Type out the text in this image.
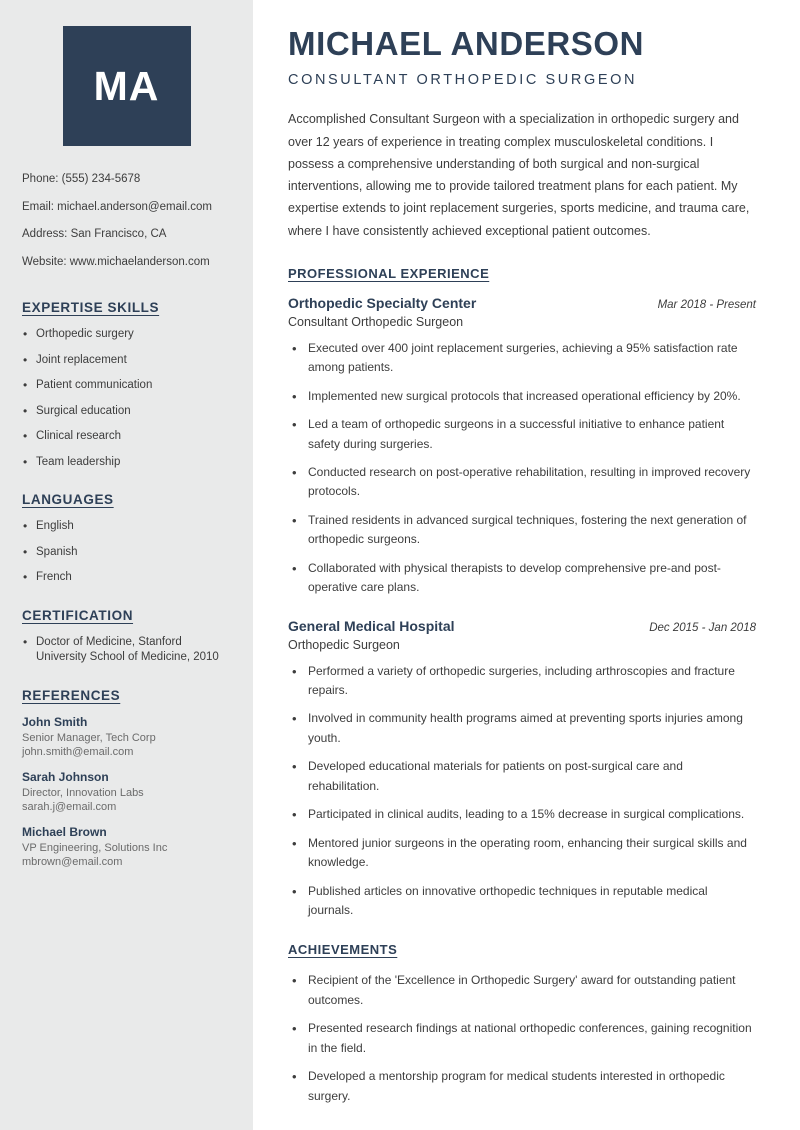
MA
Phone: (555) 234-5678
Email: michael.anderson@email.com
Address: San Francisco, CA
Website: www.michaelanderson.com
EXPERTISE SKILLS
• Orthopedic surgery
• Joint replacement
• Patient communication
• Surgical education
• Clinical research
• Team leadership
LANGUAGES
• English
• Spanish
• French
CERTIFICATION
• Doctor of Medicine, Stanford University School of Medicine, 2010
REFERENCES
John Smith
Senior Manager, Tech Corp
john.smith@email.com
Sarah Johnson
Director, Innovation Labs
sarah.j@email.com
Michael Brown
VP Engineering, Solutions Inc
mbrown@email.com
MICHAEL ANDERSON
CONSULTANT ORTHOPEDIC SURGEON

Accomplished Consultant Surgeon with a specialization in orthopedic surgery and over 12 years of experience in treating complex musculoskeletal conditions. I possess a comprehensive understanding of both surgical and non-surgical interventions, allowing me to provide tailored treatment plans for each patient. My expertise extends to joint replacement surgeries, sports medicine, and trauma care, where I have consistently achieved exceptional patient outcomes.

PROFESSIONAL EXPERIENCE
Orthopedic Specialty Center	Mar 2018 - Present
Consultant Orthopedic Surgeon
• Executed over 400 joint replacement surgeries, achieving a 95% satisfaction rate among patients.
• Implemented new surgical protocols that increased operational efficiency by 20%.
• Led a team of orthopedic surgeons in a successful initiative to enhance patient safety during surgeries.
• Conducted research on post-operative rehabilitation, resulting in improved recovery protocols.
• Trained residents in advanced surgical techniques, fostering the next generation of orthopedic surgeons.
• Collaborated with physical therapists to develop comprehensive pre-and post-operative care plans.
General Medical Hospital	Dec 2015 - Jan 2018
Orthopedic Surgeon
• Performed a variety of orthopedic surgeries, including arthroscopies and fracture repairs.
• Involved in community health programs aimed at preventing sports injuries among youth.
• Developed educational materials for patients on post-surgical care and rehabilitation.
• Participated in clinical audits, leading to a 15% decrease in surgical complications.
• Mentored junior surgeons in the operating room, enhancing their surgical skills and knowledge.
• Published articles on innovative orthopedic techniques in reputable medical journals.
ACHIEVEMENTS
• Recipient of the 'Excellence in Orthopedic Surgery' award for outstanding patient outcomes.
• Presented research findings at national orthopedic conferences, gaining recognition in the field.
• Developed a mentorship program for medical students interested in orthopedic surgery.
